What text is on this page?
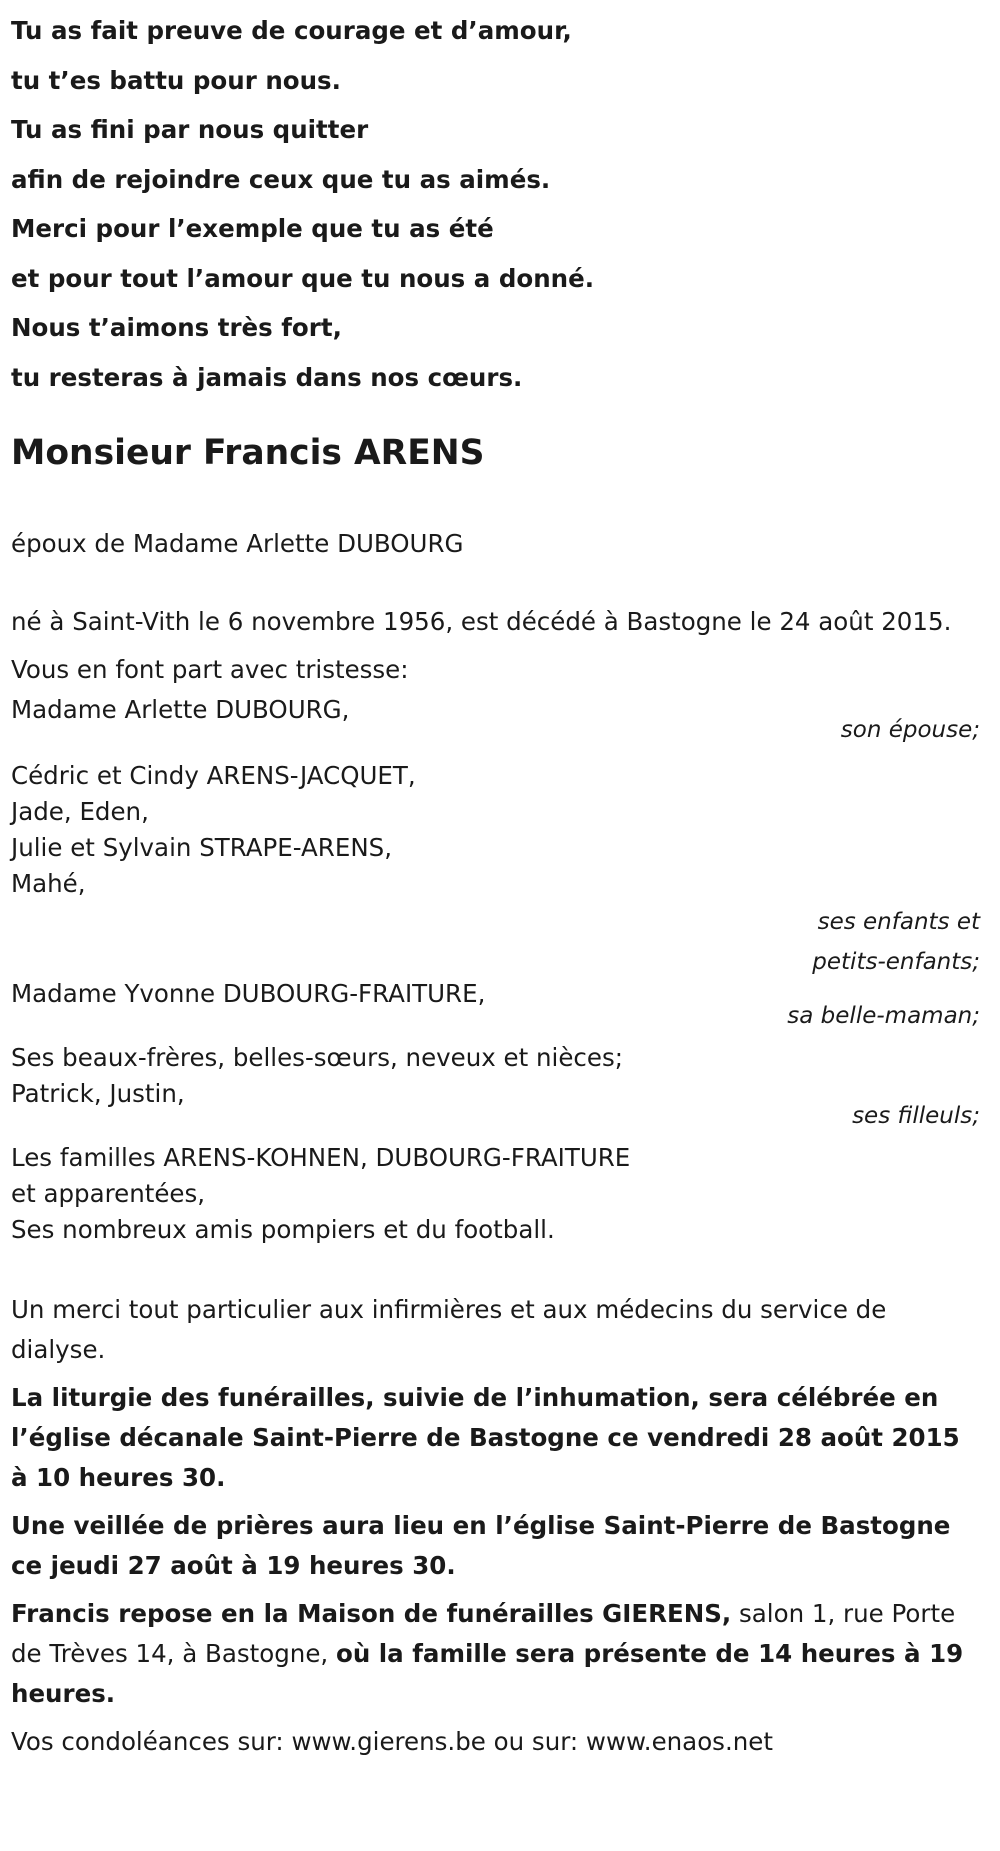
Tu as fait preuve de courage et d’amour,
tu t’es battu pour nous.
Tu as fini par nous quitter
afin de rejoindre ceux que tu as aimés.
Merci pour l’exemple que tu as été
et pour tout l’amour que tu nous a donné.
Nous t’aimons très fort,
tu resteras à jamais dans nos cœurs.
Monsieur Francis ARENS
époux de Madame Arlette DUBOURG
né à Saint-Vith le 6 novembre 1956, est décédé à Bastogne le 24 août 2015.
Vous en font part avec tristesse:
Madame Arlette DUBOURG,
son épouse;
Cédric et Cindy ARENS-JACQUET,
Jade, Eden,
Julie et Sylvain STRAPE-ARENS,
Mahé,
ses enfants et
petits-enfants;
Madame Yvonne DUBOURG-FRAITURE,
sa belle-maman;
Ses beaux-frères, belles-sœurs, neveux et nièces;
Patrick, Justin,
ses filleuls;
Les familles ARENS-KOHNEN, DUBOURG-FRAITURE
et apparentées,
Ses nombreux amis pompiers et du football.
Un merci tout particulier aux infirmières et aux médecins du service de dialyse.
La liturgie des funérailles, suivie de l’inhumation, sera célébrée en l’église décanale Saint-Pierre de Bastogne ce vendredi 28 août 2015 à 10 heures 30.
Une veillée de prières aura lieu en l’église Saint-Pierre de Bastogne ce jeudi 27 août à 19 heures 30.
Francis repose en la Maison de funérailles GIERENS, salon 1, rue Porte de Trèves 14, à Bastogne, où la famille sera présente de 14 heures à 19 heures.
Vos condoléances sur: www.gierens.be ou sur: www.enaos.net
